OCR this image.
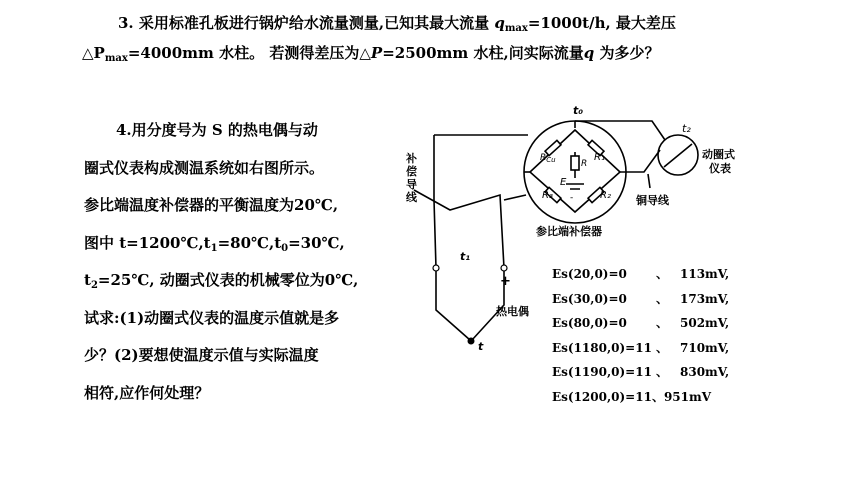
3. 采用标准孔板进行锅炉给水流量测量,已知其最大流量 $q_{max}=1000t/h$, 最大差压
$\triangle P_{max}=4000mm$ 水柱。 若测得差压为△P=2500mm 水柱,问实际流量q 为多少？
4.用分度号为 S 的热电偶与动
圈式仪表构成测温系统如右图所示。
参比端温度补偿器的平衡温度为20℃,
图中 $t=1200℃,t_1=80℃,t_0=30℃$,
$t_2=25℃$, 动圈式仪表的机械零位为0℃,
试求:(1)动圈式仪表的温度示值就是多
少？(2)要想使温度示值与实际温度
相符,应作何处理？
t₀
t₂
t₁
t
$R_{Cu}$	R₁
R₃	R₂
E
R
-
+
补
偿
导
线	铜导线
动圈式
仪表
参比端补偿器
热电偶
Es(20,0)=0 、 113mV,
Es(30,0)=0 、 173mV,
Es(80,0)=0 、 502mV,
Es(1180,0)=11 、 710mV,
Es(1190,0)=11 、 830mV,
Es(1200,0)=11、951mV
